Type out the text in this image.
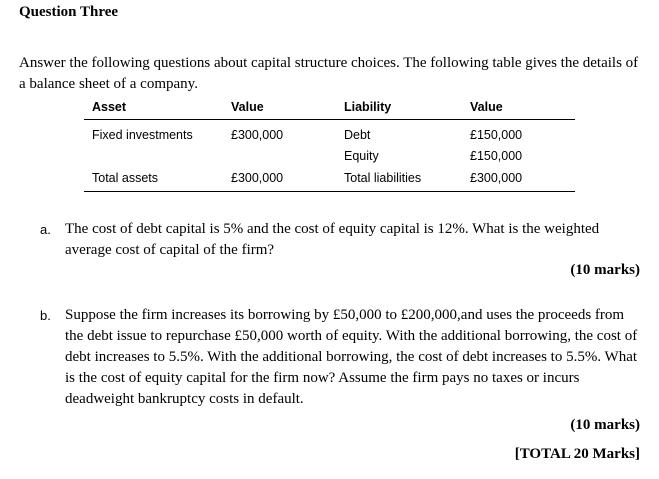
Question Three

Answer the following questions about capital structure choices. The following table gives the details of a balance sheet of a company.

Asset	Value	Liability	Value
Fixed investments	£300,000	Debt	£150,000
		Equity	£150,000
Total assets	£300,000	Total liabilities	£300,000
a. The cost of debt capital is 5% and the cost of equity capital is 12%. What is the weighted average cost of capital of the firm?
(10 marks)
b. Suppose the firm increases its borrowing by £50,000 to £200,000,and uses the proceeds from the debt issue to repurchase £50,000 worth of equity. With the additional borrowing, the cost of debt increases to 5.5%. With the additional borrowing, the cost of debt increases to 5.5%. What is the cost of equity capital for the firm now? Assume the firm pays no taxes or incurs deadweight bankruptcy costs in default.
(10 marks)
[TOTAL 20 Marks]
